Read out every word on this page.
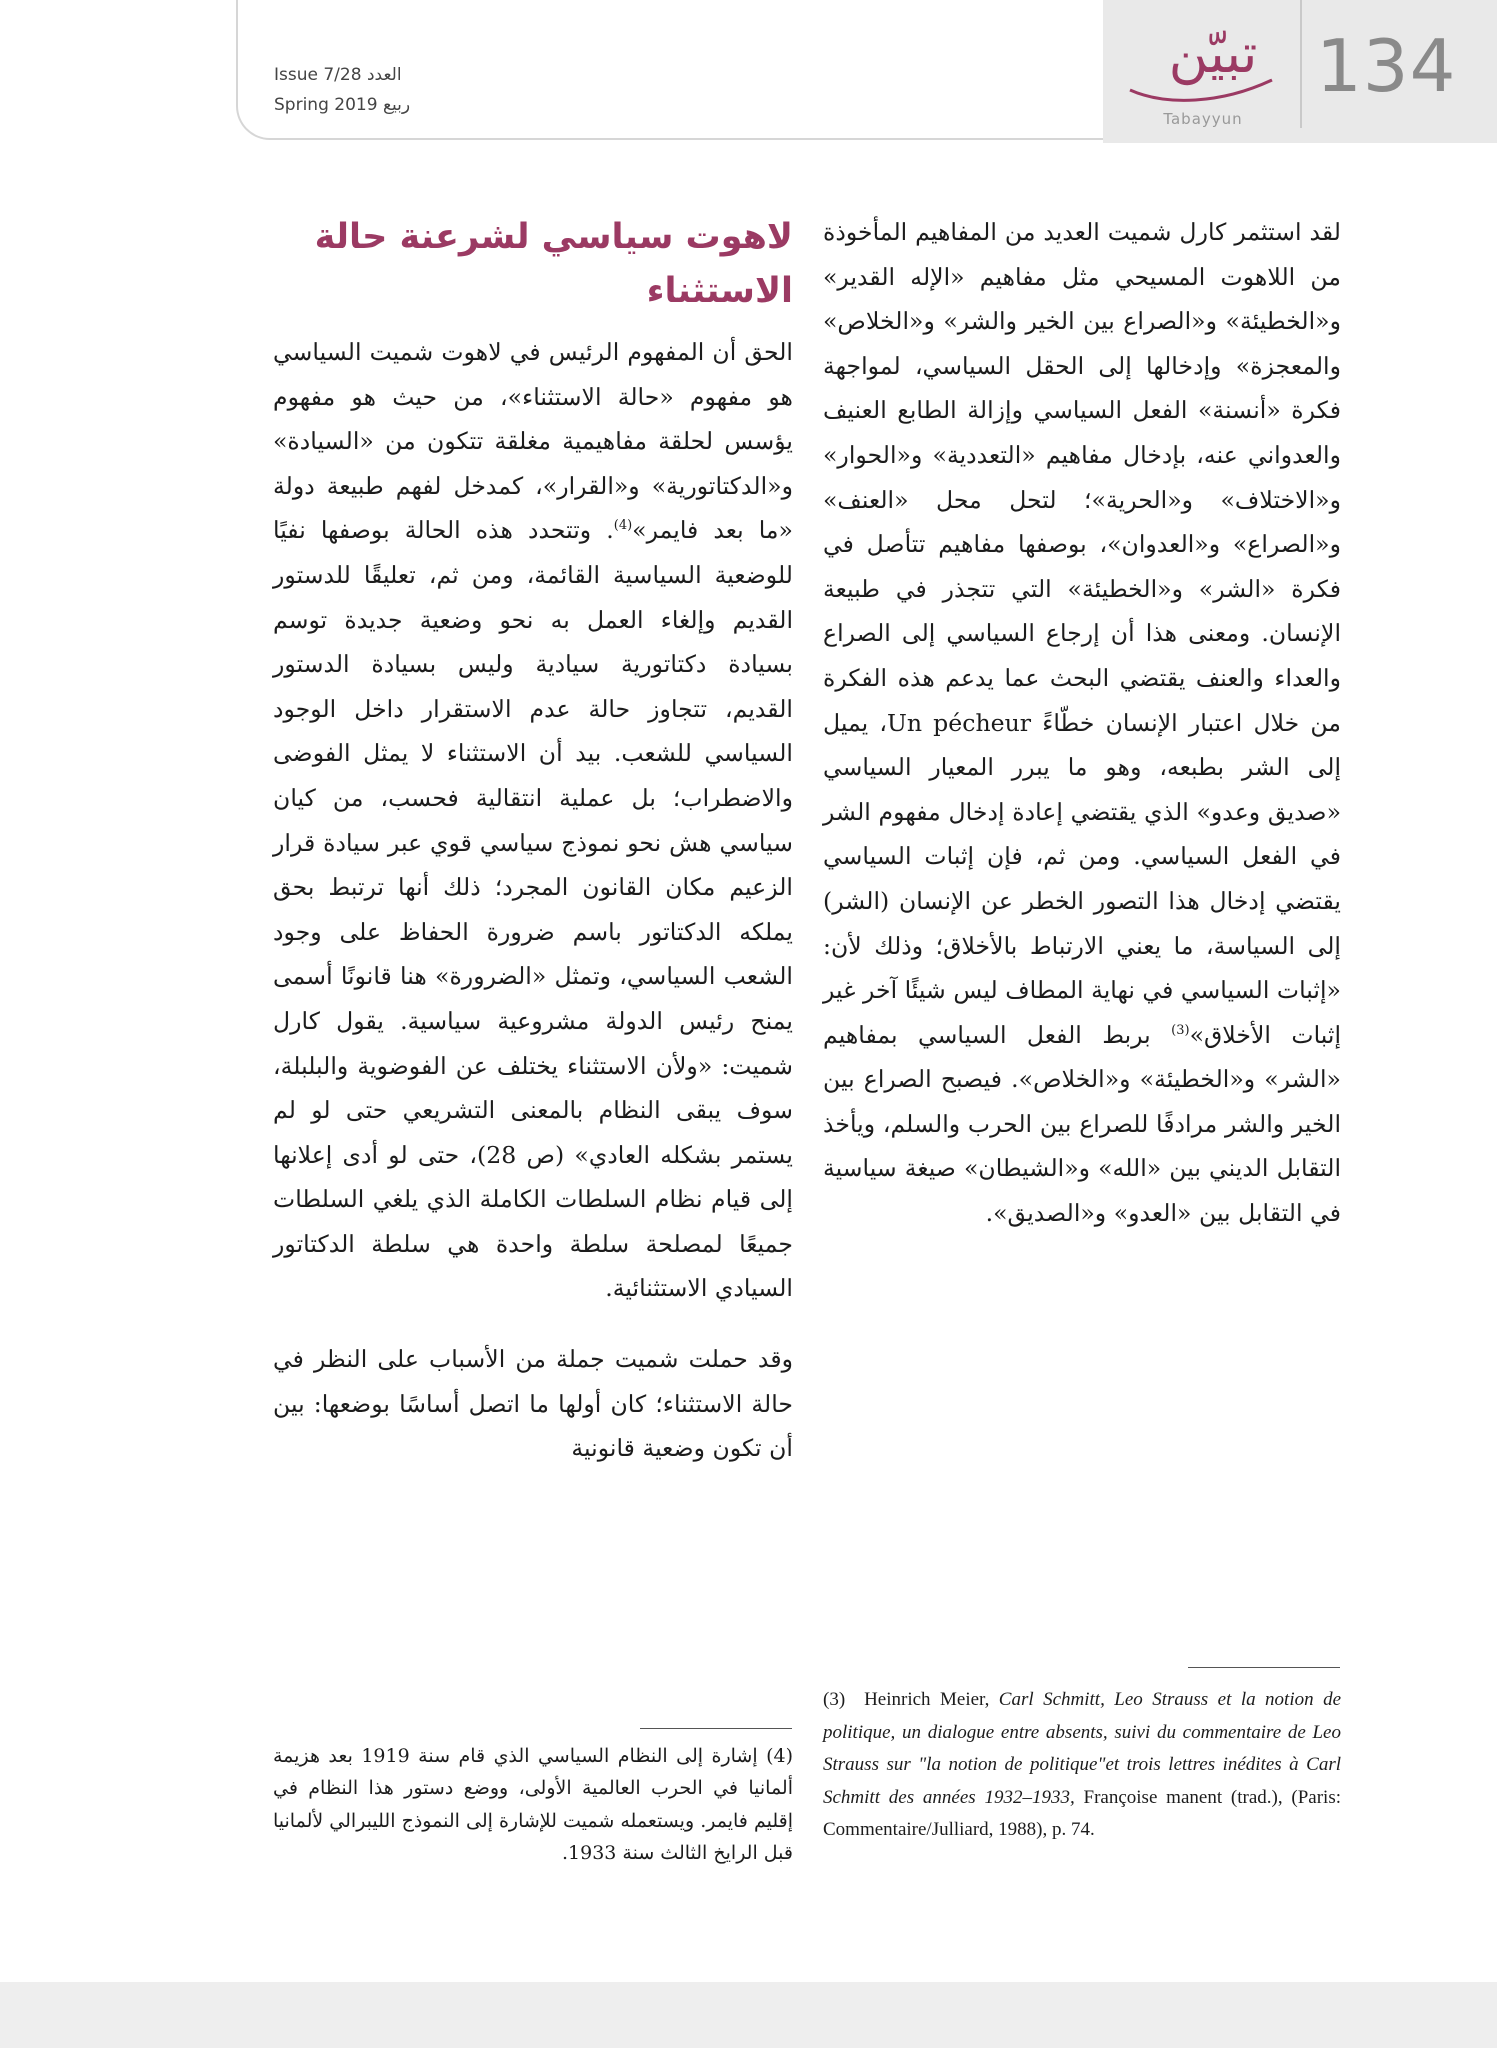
تبيّن
Tabayyun
134
Issue 7/28 العدد
Spring 2019 ربيع

لقد استثمر كارل شميت العديد من المفاهيم المأخوذة من اللاهوت المسيحي مثل مفاهيم «الإله القدير» و«الخطيئة» و«الصراع بين الخير والشر» و«الخلاص» والمعجزة» وإدخالها إلى الحقل السياسي، لمواجهة فكرة «أنسنة» الفعل السياسي وإزالة الطابع العنيف والعدواني عنه، بإدخال مفاهيم «التعددية» و«الحوار» و«الاختلاف» و«الحرية»؛ لتحل محل «العنف» و«الصراع» و«العدوان»، بوصفها مفاهيم تتأصل في فكرة «الشر» و«الخطيئة» التي تتجذر في طبيعة الإنسان. ومعنى هذا أن إرجاع السياسي إلى الصراع والعداء والعنف يقتضي البحث عما يدعم هذه الفكرة من خلال اعتبار الإنسان خطّاءً Un pécheur، يميل إلى الشر بطبعه، وهو ما يبرر المعيار السياسي «صديق وعدو» الذي يقتضي إعادة إدخال مفهوم الشر في الفعل السياسي. ومن ثم، فإن إثبات السياسي يقتضي إدخال هذا التصور الخطر عن الإنسان (الشر) إلى السياسة، ما يعني الارتباط بالأخلاق؛ وذلك لأن: «إثبات السياسي في نهاية المطاف ليس شيئًا آخر غير إثبات الأخلاق»$^{(3)}$ بربط الفعل السياسي بمفاهيم «الشر» و«الخطيئة» و«الخلاص». فيصبح الصراع بين الخير والشر مرادفًا للصراع بين الحرب والسلم، ويأخذ التقابل الديني بين «الله» و«الشيطان» صيغة سياسية في التقابل بين «العدو» و«الصديق».

لاهوت سياسي لشرعنة حالة الاستثناء

الحق أن المفهوم الرئيس في لاهوت شميت السياسي هو مفهوم «حالة الاستثناء»، من حيث هو مفهوم يؤسس لحلقة مفاهيمية مغلقة تتكون من «السيادة» و«الدكتاتورية» و«القرار»، كمدخل لفهم طبيعة دولة «ما بعد فايمر»$^{(4)}$. وتتحدد هذه الحالة بوصفها نفيًا للوضعية السياسية القائمة، ومن ثم، تعليقًا للدستور القديم وإلغاء العمل به نحو وضعية جديدة توسم بسيادة دكتاتورية سيادية وليس بسيادة الدستور القديم، تتجاوز حالة عدم الاستقرار داخل الوجود السياسي للشعب. بيد أن الاستثناء لا يمثل الفوضى والاضطراب؛ بل عملية انتقالية فحسب، من كيان سياسي هش نحو نموذج سياسي قوي عبر سيادة قرار الزعيم مكان القانون المجرد؛ ذلك أنها ترتبط بحق يملكه الدكتاتور باسم ضرورة الحفاظ على وجود الشعب السياسي، وتمثل «الضرورة» هنا قانونًا أسمى يمنح رئيس الدولة مشروعية سياسية. يقول كارل شميت: «ولأن الاستثناء يختلف عن الفوضوية والبلبلة، سوف يبقى النظام بالمعنى التشريعي حتى لو لم يستمر بشكله العادي» (ص 28)، حتى لو أدى إعلانها إلى قيام نظام السلطات الكاملة الذي يلغي السلطات جميعًا لمصلحة سلطة واحدة هي سلطة الدكتاتور السيادي الاستثنائية.

وقد حملت شميت جملة من الأسباب على النظر في حالة الاستثناء؛ كان أولها ما اتصل أساسًا بوضعها: بين أن تكون وضعية قانونية

(3) Heinrich Meier, Carl Schmitt, Leo Strauss et la notion de politique, un dialogue entre absents, suivi du commentaire de Leo Strauss sur "la notion de politique"et trois lettres inédites à Carl Schmitt des années 1932–1933, Françoise manent (trad.), (Paris: Commentaire/Julliard, 1988), p. 74.
(4) إشارة إلى النظام السياسي الذي قام سنة 1919 بعد هزيمة ألمانيا في الحرب العالمية الأولى، ووضع دستور هذا النظام في إقليم فايمر. ويستعمله شميت للإشارة إلى النموذج الليبرالي لألمانيا قبل الرايخ الثالث سنة 1933.
